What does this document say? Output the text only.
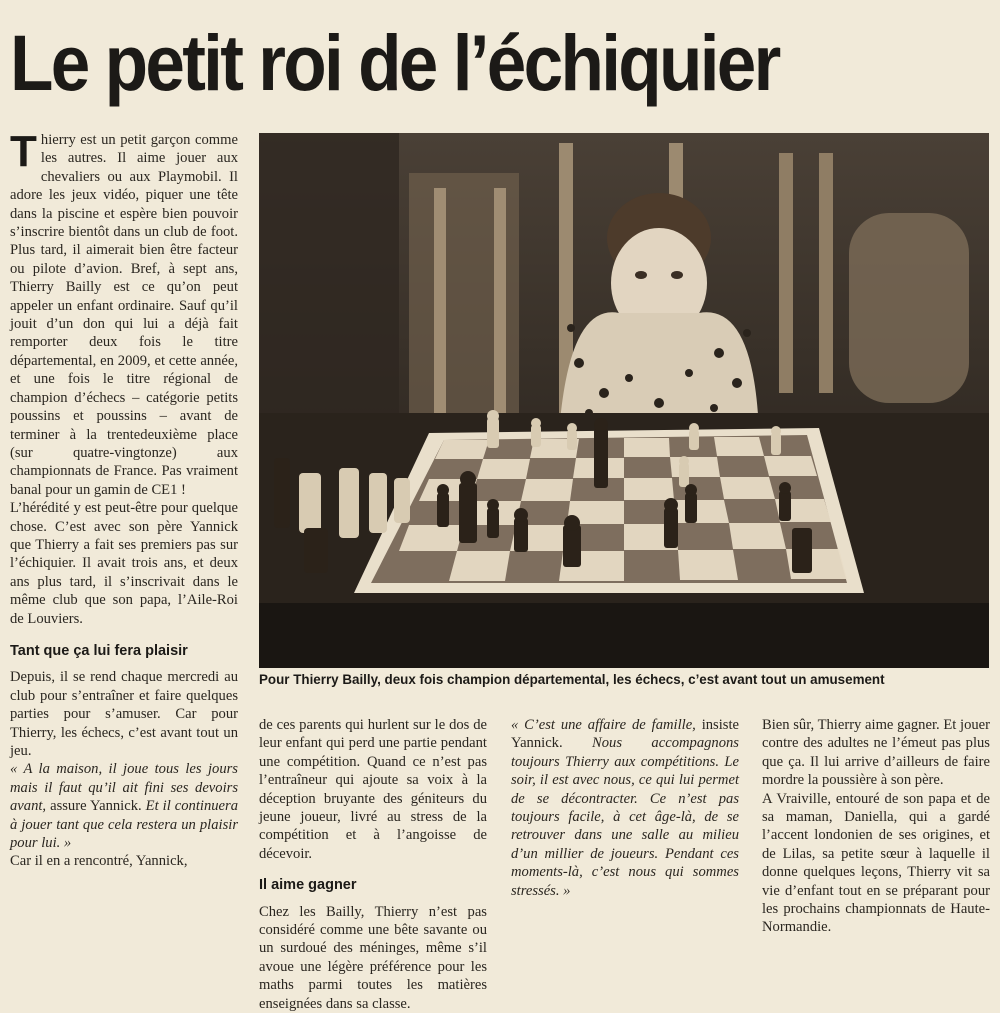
Le petit roi de l’échiquier

Thierry est un petit garçon comme les autres. Il aime jouer aux chevaliers ou aux Playmobil. Il adore les jeux vidéo, piquer une tête dans la piscine et espère bien pouvoir s’inscrire bientôt dans un club de foot. Plus tard, il aimerait bien être facteur ou pilote d’avion. Bref, à sept ans, Thierry Bailly est ce qu’on peut appeler un enfant ordinaire. Sauf qu’il jouit d’un don qui lui a déjà fait remporter deux fois le titre départemental, en 2009, et cette année, et une fois le titre régional de champion d’échecs – catégorie petits poussins et poussins – avant de terminer à la trentedeuxième place (sur quatre-vingtonze) aux championnats de France. Pas vraiment banal pour un gamin de CE1 !

L’hérédité y est peut-être pour quelque chose. C’est avec son père Yannick que Thierry a fait ses premiers pas sur l’échiquier. Il avait trois ans, et deux ans plus tard, il s’inscrivait dans le même club que son papa, l’Aile-Roi de Louviers.

Tant que ça lui fera plaisir

Depuis, il se rend chaque mercredi au club pour s’entraîner et faire quelques parties pour s’amuser. Car pour Thierry, les échecs, c’est avant tout un jeu.

« A la maison, il joue tous les jours mais il faut qu’il ait fini ses devoirs avant, assure Yannick. Et il continuera à jouer tant que cela restera un plaisir pour lui. »

Car il en a rencontré, Yannick,

Pour Thierry Bailly, deux fois champion départemental, les échecs, c’est avant tout un amusement

de ces parents qui hurlent sur le dos de leur enfant qui perd une partie pendant une compétition. Quand ce n’est pas l’entraîneur qui ajoute sa voix à la déception bruyante des géniteurs du jeune joueur, livré au stress de la compétition et à l’angoisse de décevoir.

Il aime gagner

Chez les Bailly, Thierry n’est pas considéré comme une bête savante ou un surdoué des méninges, même s’il avoue une légère préférence pour les maths parmi toutes les matières enseignées dans sa classe.

« C’est une affaire de famille, insiste Yannick. Nous accompagnons toujours Thierry aux compétitions. Le soir, il est avec nous, ce qui lui permet de se décontracter. Ce n’est pas toujours facile, à cet âge-là, de se retrouver dans une salle au milieu d’un millier de joueurs. Pendant ces moments-là, c’est nous qui sommes stressés. »

Bien sûr, Thierry aime gagner. Et jouer contre des adultes ne l’émeut pas plus que ça. Il lui arrive d’ailleurs de faire mordre la poussière à son père.

A Vraiville, entouré de son papa et de sa maman, Daniella, qui a gardé l’accent londonien de ses origines, et de Lilas, sa petite sœur à laquelle il donne quelques leçons, Thierry vit sa vie d’enfant tout en se préparant pour les prochains championnats de Haute-Normandie.
